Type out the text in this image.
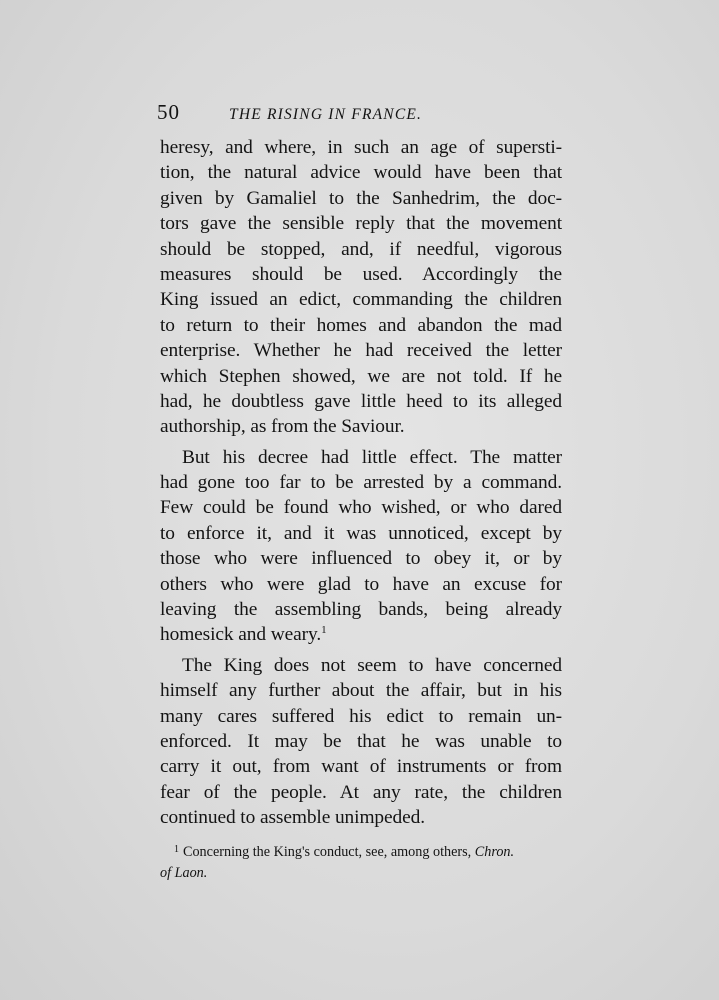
50	THE RISING IN FRANCE.
heresy, and where, in such an age of supersti-
tion, the natural advice would have been that
given by Gamaliel to the Sanhedrim, the doc-
tors gave the sensible reply that the movement
should be stopped, and, if needful, vigorous
measures should be used. Accordingly the
King issued an edict, commanding the children
to return to their homes and abandon the mad
enterprise. Whether he had received the letter
which Stephen showed, we are not told. If he
had, he doubtless gave little heed to its alleged
authorship, as from the Saviour.
But his decree had little effect. The matter
had gone too far to be arrested by a command.
Few could be found who wished, or who dared
to enforce it, and it was unnoticed, except by
those who were influenced to obey it, or by
others who were glad to have an excuse for
leaving the assembling bands, being already
homesick and weary.$^1$
The King does not seem to have concerned
himself any further about the affair, but in his
many cares suffered his edict to remain un-
enforced. It may be that he was unable to
carry it out, from want of instruments or from
fear of the people. At any rate, the children
continued to assemble unimpeded.
$^1$ Concerning the King's conduct, see, among others, Chron.
of Laon.
